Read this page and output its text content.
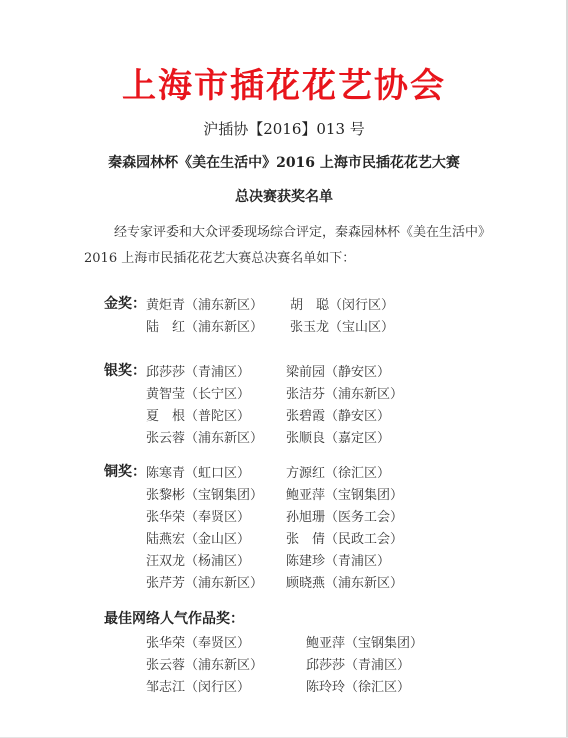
上海市插花花艺协会
沪插协【2016】013 号
秦森园林杯《美在生活中》2016 上海市民插花花艺大赛
总决赛获奖名单
经专家评委和大众评委现场综合评定，秦森园林杯《美在生活中》2016 上海市民插花花艺大赛总决赛名单如下：
金奖： 黄炬青（浦东新区） 胡　聪（闵行区）
陆　红（浦东新区） 张玉龙（宝山区）
银奖： 邱莎莎（青浦区）	梁前园（静安区）
黄智莹（长宁区）	张洁芬（浦东新区）
夏　根（普陀区）	张碧霞（静安区）
张云蓉（浦东新区） 张顺良（嘉定区）
铜奖： 陈寒青（虹口区）	方源红（徐汇区）
张黎彬（宝钢集团） 鲍亚萍（宝钢集团）
张华荣（奉贤区）	孙旭珊（医务工会）
陆燕宏（金山区）	张　倩（民政工会）
汪双龙（杨浦区）	陈建珍（青浦区）
张芹芳（浦东新区） 顾晓燕（浦东新区）
最佳网络人气作品奖：
张华荣（奉贤区）	鲍亚萍（宝钢集团）
张云蓉（浦东新区）	邱莎莎（青浦区）
邹志江（闵行区）	陈玲玲（徐汇区）
